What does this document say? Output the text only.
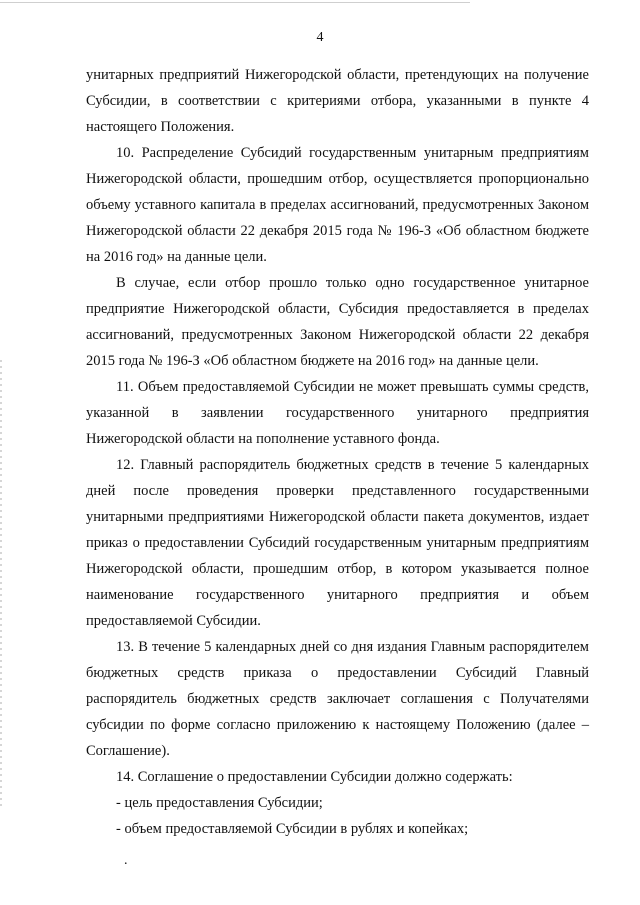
4

унитарных предприятий Нижегородской области, претендующих на получение Субсидии, в соответствии с критериями отбора, указанными в пункте 4 настоящего Положения.

10. Распределение Субсидий государственным унитарным предприятиям Нижегородской области, прошедшим отбор, осуществляется пропорционально объему уставного капитала в пределах ассигнований, предусмотренных Законом Нижегородской области 22 декабря 2015 года № 196-З «Об областном бюджете на 2016 год» на данные цели.

В случае, если отбор прошло только одно государственное унитарное предприятие Нижегородской области, Субсидия предоставляется в пределах ассигнований, предусмотренных Законом Нижегородской области 22 декабря 2015 года № 196-З «Об областном бюджете на 2016 год» на данные цели.

11. Объем предоставляемой Субсидии не может превышать суммы средств, указанной в заявлении государственного унитарного предприятия Нижегородской области на пополнение уставного фонда.

12. Главный распорядитель бюджетных средств в течение 5 календарных дней после проведения проверки представленного государственными унитарными предприятиями Нижегородской области пакета документов, издает приказ о предоставлении Субсидий государственным унитарным предприятиям Нижегородской области, прошедшим отбор, в котором указывается полное наименование государственного унитарного предприятия и объем предоставляемой Субсидии.

13. В течение 5 календарных дней со дня издания Главным распорядителем бюджетных средств приказа о предоставлении Субсидий Главный распорядитель бюджетных средств заключает соглашения с Получателями субсидии по форме согласно приложению к настоящему Положению (далее – Соглашение).

14. Соглашение о предоставлении Субсидии должно содержать:

- цель предоставления Субсидии;

- объем предоставляемой Субсидии в рублях и копейках;

.
